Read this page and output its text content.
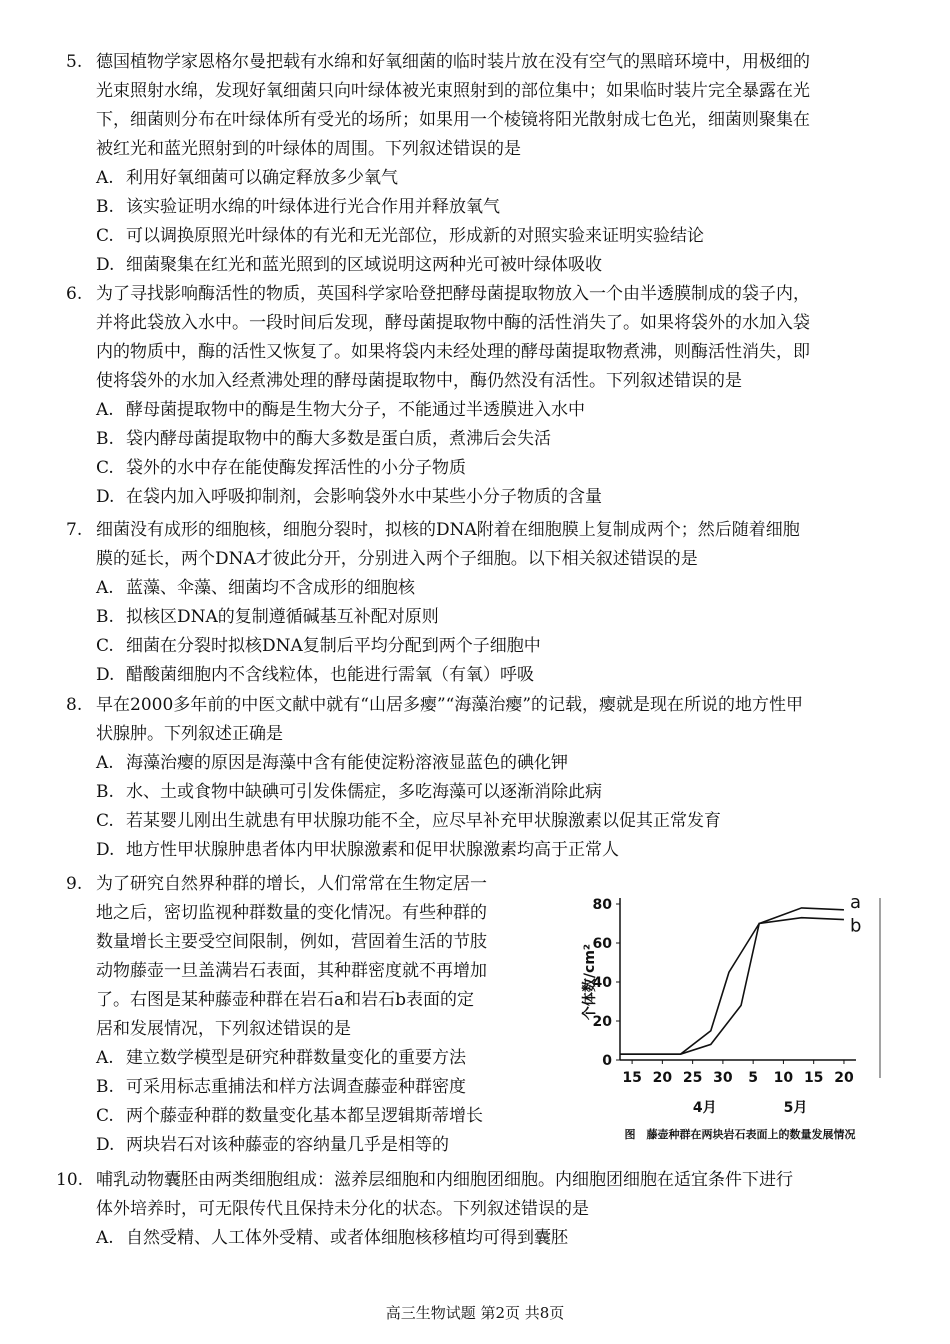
5. 德国植物学家恩格尔曼把载有水绵和好氧细菌的临时装片放在没有空气的黑暗环境中，用极细的
光束照射水绵，发现好氧细菌只向叶绿体被光束照射到的部位集中；如果临时装片完全暴露在光
下，细菌则分布在叶绿体所有受光的场所；如果用一个棱镜将阳光散射成七色光，细菌则聚集在
被红光和蓝光照射到的叶绿体的周围。下列叙述错误的是
A. 利用好氧细菌可以确定释放多少氧气
B. 该实验证明水绵的叶绿体进行光合作用并释放氧气
C. 可以调换原照光叶绿体的有光和无光部位，形成新的对照实验来证明实验结论
D. 细菌聚集在红光和蓝光照到的区域说明这两种光可被叶绿体吸收
6. 为了寻找影响酶活性的物质，英国科学家哈登把酵母菌提取物放入一个由半透膜制成的袋子内，
并将此袋放入水中。一段时间后发现，酵母菌提取物中酶的活性消失了。如果将袋外的水加入袋
内的物质中，酶的活性又恢复了。如果将袋内未经处理的酵母菌提取物煮沸，则酶活性消失，即
使将袋外的水加入经煮沸处理的酵母菌提取物中，酶仍然没有活性。下列叙述错误的是
A. 酵母菌提取物中的酶是生物大分子，不能通过半透膜进入水中
B. 袋内酵母菌提取物中的酶大多数是蛋白质，煮沸后会失活
C. 袋外的水中存在能使酶发挥活性的小分子物质
D. 在袋内加入呼吸抑制剂，会影响袋外水中某些小分子物质的含量
7. 细菌没有成形的细胞核，细胞分裂时，拟核的DNA附着在细胞膜上复制成两个；然后随着细胞
膜的延长，两个DNA才彼此分开，分别进入两个子细胞。以下相关叙述错误的是
A. 蓝藻、伞藻、细菌均不含成形的细胞核
B. 拟核区DNA的复制遵循碱基互补配对原则
C. 细菌在分裂时拟核DNA复制后平均分配到两个子细胞中
D. 醋酸菌细胞内不含线粒体，也能进行需氧（有氧）呼吸
8. 早在2000多年前的中医文献中就有“山居多瘿”“海藻治瘿”的记载，瘿就是现在所说的地方性甲
状腺肿。下列叙述正确是
A. 海藻治瘿的原因是海藻中含有能使淀粉溶液显蓝色的碘化钾
B. 水、土或食物中缺碘可引发侏儒症，多吃海藻可以逐渐消除此病
C. 若某婴儿刚出生就患有甲状腺功能不全，应尽早补充甲状腺激素以促其正常发育
D. 地方性甲状腺肿患者体内甲状腺激素和促甲状腺激素均高于正常人
9. 为了研究自然界种群的增长，人们常常在生物定居一
地之后，密切监视种群数量的变化情况。有些种群的
数量增长主要受空间限制，例如，营固着生活的节肢
动物藤壶一旦盖满岩石表面，其种群密度就不再增加
了。右图是某种藤壶种群在岩石a和岩石b表面的定
居和发展情况，下列叙述错误的是
A. 建立数学模型是研究种群数量变化的重要方法
B. 可采用标志重捕法和样方法调查藤壶种群密度
C. 两个藤壶种群的数量变化基本都呈逻辑斯蒂增长
D. 两块岩石对该种藤壶的容纳量几乎是相等的
0
20
40
60
80
15 20 25 30 5 10 15 20
4月	5月
个体数/cm²
a
b
图　藤壶种群在两块岩石表面上的数量发展情况
10. 哺乳动物囊胚由两类细胞组成：滋养层细胞和内细胞团细胞。内细胞团细胞在适宜条件下进行
体外培养时，可无限传代且保持未分化的状态。下列叙述错误的是
A. 自然受精、人工体外受精、或者体细胞核移植均可得到囊胚
高三生物试题 第2页 共8页
